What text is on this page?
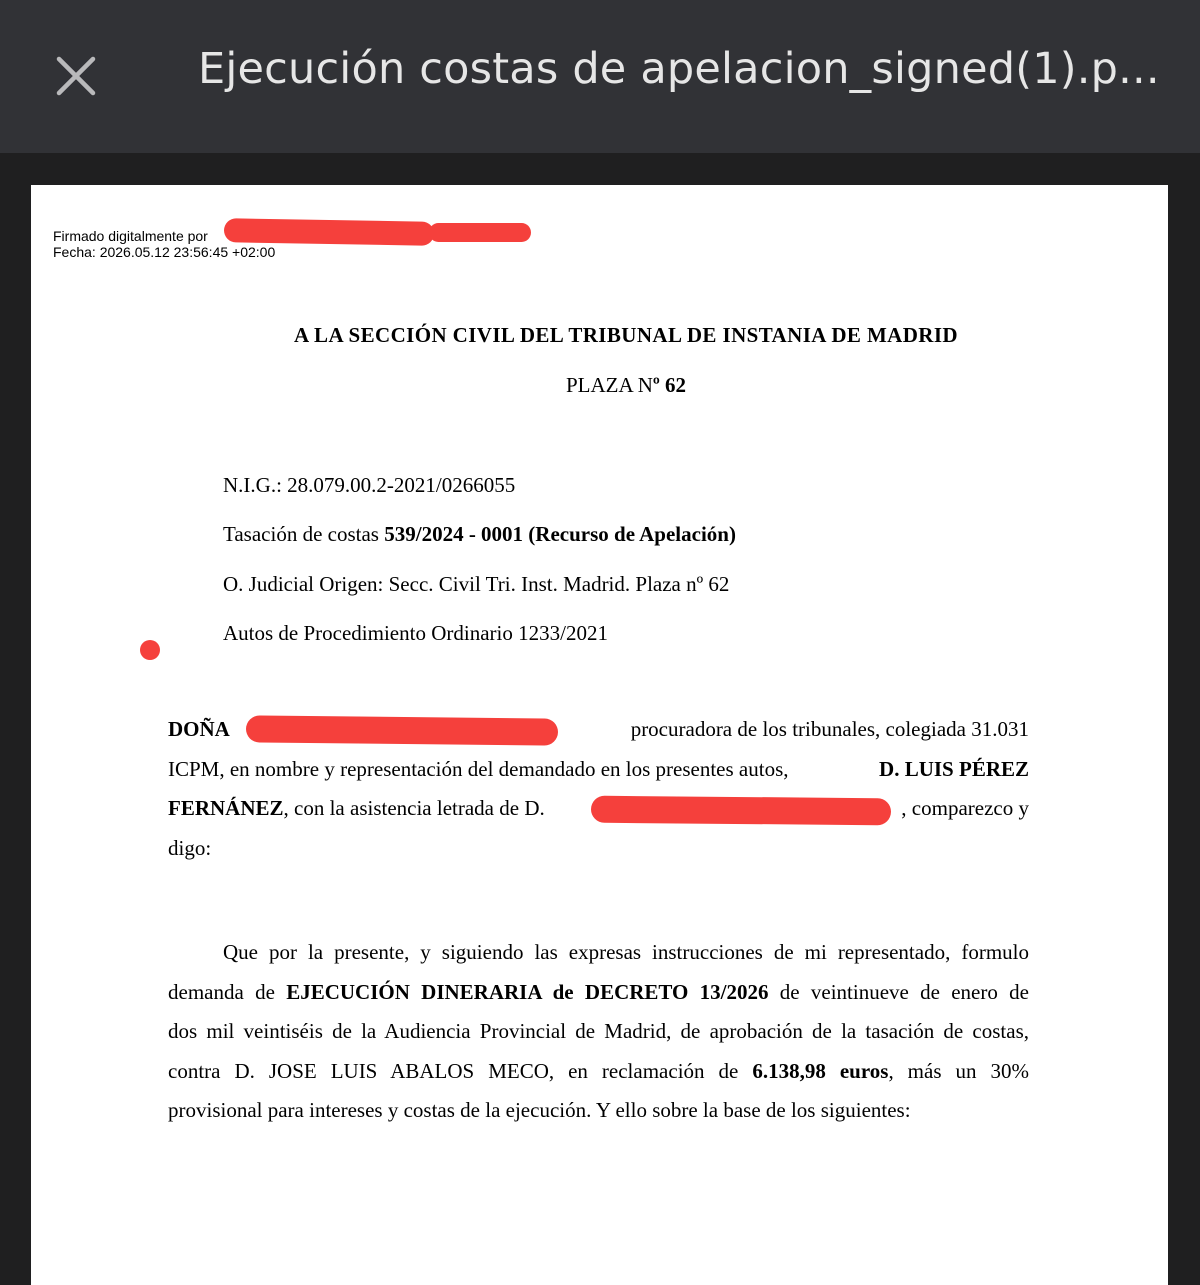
Ejecución costas de apelacion_signed(1).p...
Firmado digitalmente por
Fecha: 2026.05.12 23:56:45 +02:00
A LA SECCIÓN CIVIL DEL TRIBUNAL DE INSTANIA DE MADRID
PLAZA Nº 62
N.I.G.: 28.079.00.2-2021/0266055
Tasación de costas 539/2024 - 0001 (Recurso de Apelación)
O. Judicial Origen: Secc. Civil Tri. Inst. Madrid. Plaza nº 62
Autos de Procedimiento Ordinario 1233/2021
DOÑA	procuradora de los tribunales, colegiada 31.031
ICPM, en nombre y representación del demandado en los presentes autos,	D. LUIS PÉREZ
FERNÁNEZ, con la asistencia letrada de D.	, comparezco y
digo:
Que por la presente, y siguiendo las expresas instrucciones de mi representado, formulo
demanda de EJECUCIÓN DINERARIA de DECRETO 13/2026 de veintinueve de enero de
dos mil veintiséis de la Audiencia Provincial de Madrid, de aprobación de la tasación de costas,
contra D. JOSE LUIS ABALOS MECO, en reclamación de 6.138,98 euros, más un 30%
provisional para intereses y costas de la ejecución. Y ello sobre la base de los siguientes:
